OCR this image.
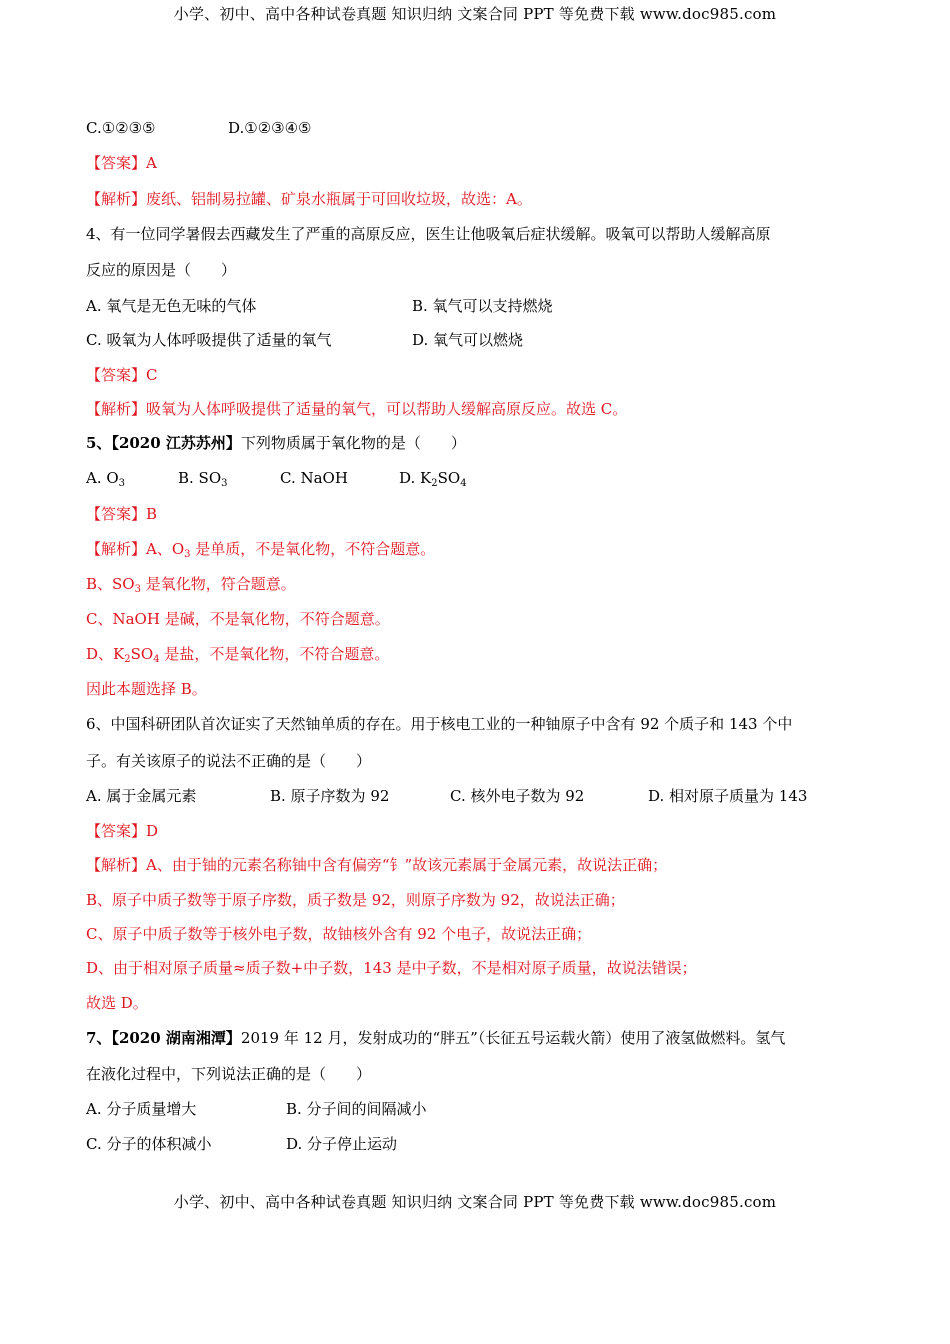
小学、初中、高中各种试卷真题 知识归纳 文案合同 PPT 等免费下载 www.doc985.com
C.①②③⑤	D.①②③④⑤
【答案】A
【解析】废纸、铝制易拉罐、矿泉水瓶属于可回收垃圾，故选：A。
4、有一位同学暑假去西藏发生了严重的高原反应，医生让他吸氧后症状缓解。吸氧可以帮助人缓解高原
反应的原因是（　　）
A. 氧气是无色无味的气体	B. 氧气可以支持燃烧
C. 吸氧为人体呼吸提供了适量的氧气	D. 氧气可以燃烧
【答案】C
【解析】吸氧为人体呼吸提供了适量的氧气，可以帮助人缓解高原反应。故选 C。
5、【2020 江苏苏州】下列物质属于氧化物的是（　　）
A. $O_3$	B. $SO_3$	C. NaOH	D. $K_2SO_4$
【答案】B
【解析】A、$O_3$ 是单质，不是氧化物，不符合题意。
B、$SO_3$ 是氧化物，符合题意。
C、NaOH 是碱，不是氧化物，不符合题意。
D、$K_2SO_4$ 是盐，不是氧化物，不符合题意。
因此本题选择 B。
6、中国科研团队首次证实了天然铀单质的存在。用于核电工业的一种铀原子中含有 92 个质子和 143 个中
子。有关该原子的说法不正确的是（　　）
A. 属于金属元素	B. 原子序数为 92	C. 核外电子数为 92	D. 相对原子质量为 143
【答案】D
【解析】A、由于铀的元素名称铀中含有偏旁“钅”故该元素属于金属元素，故说法正确；
B、原子中质子数等于原子序数，质子数是 92，则原子序数为 92，故说法正确；
C、原子中质子数等于核外电子数，故铀核外含有 92 个电子，故说法正确；
D、由于相对原子质量≈质子数+中子数，143 是中子数，不是相对原子质量，故说法错误；
故选 D。
7、【2020 湖南湘潭】2019 年 12 月，发射成功的“胖五”（长征五号运载火箭）使用了液氢做燃料。氢气
在液化过程中，下列说法正确的是（　　）
A. 分子质量增大	B. 分子间的间隔减小
C. 分子的体积减小	D. 分子停止运动
小学、初中、高中各种试卷真题 知识归纳 文案合同 PPT 等免费下载 www.doc985.com
